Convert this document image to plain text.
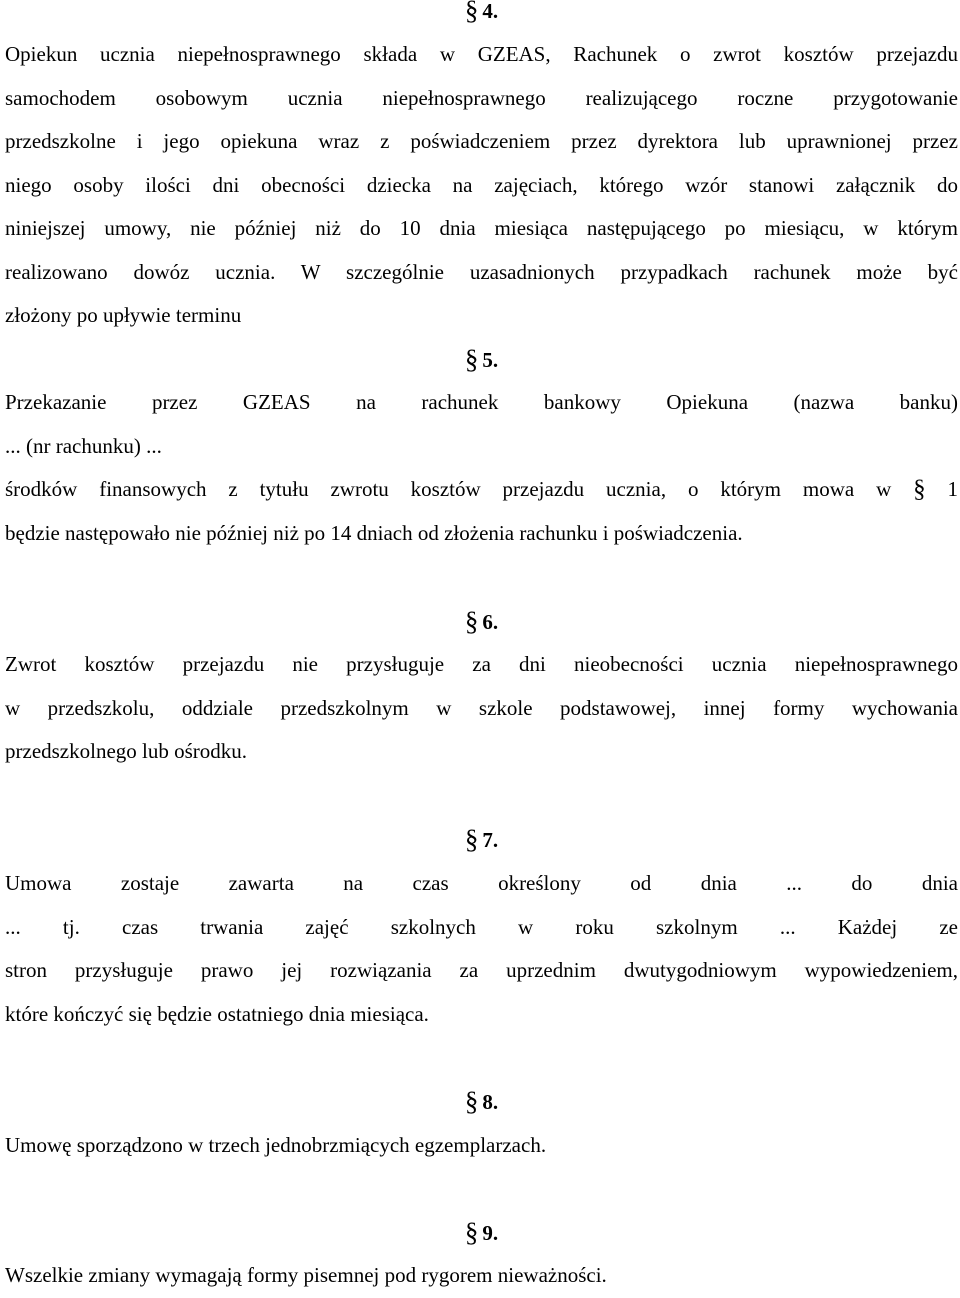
§ 4.
Opiekun ucznia niepełnosprawnego składa w GZEAS, Rachunek o zwrot kosztów przejazdu
samochodem osobowym ucznia niepełnosprawnego realizującego roczne przygotowanie
przedszkolne i jego opiekuna wraz z poświadczeniem przez dyrektora lub uprawnionej przez
niego osoby ilości dni obecności dziecka na zajęciach, którego wzór stanowi załącznik do
niniejszej umowy, nie później niż do 10 dnia miesiąca następującego po miesiącu, w którym
realizowano dowóz ucznia. W szczególnie uzasadnionych przypadkach rachunek może być
złożony po upływie terminu
§ 5.
Przekazanie przez GZEAS na rachunek bankowy Opiekuna (nazwa banku)
... (nr rachunku) ...
środków finansowych z tytułu zwrotu kosztów przejazdu ucznia, o którym mowa w § 1
będzie następowało nie później niż po 14 dniach od złożenia rachunku i poświadczenia.
§ 6.
Zwrot kosztów przejazdu nie przysługuje za dni nieobecności ucznia niepełnosprawnego
w przedszkolu, oddziale przedszkolnym w szkole podstawowej, innej formy wychowania
przedszkolnego lub ośrodku.
§ 7.
Umowa zostaje zawarta na czas określony od dnia ... do dnia
... tj. czas trwania zajęć szkolnych w roku szkolnym ... Każdej ze
stron przysługuje prawo jej rozwiązania za uprzednim dwutygodniowym wypowiedzeniem,
które kończyć się będzie ostatniego dnia miesiąca.
§ 8.
Umowę sporządzono w trzech jednobrzmiących egzemplarzach.
§ 9.
Wszelkie zmiany wymagają formy pisemnej pod rygorem nieważności.
